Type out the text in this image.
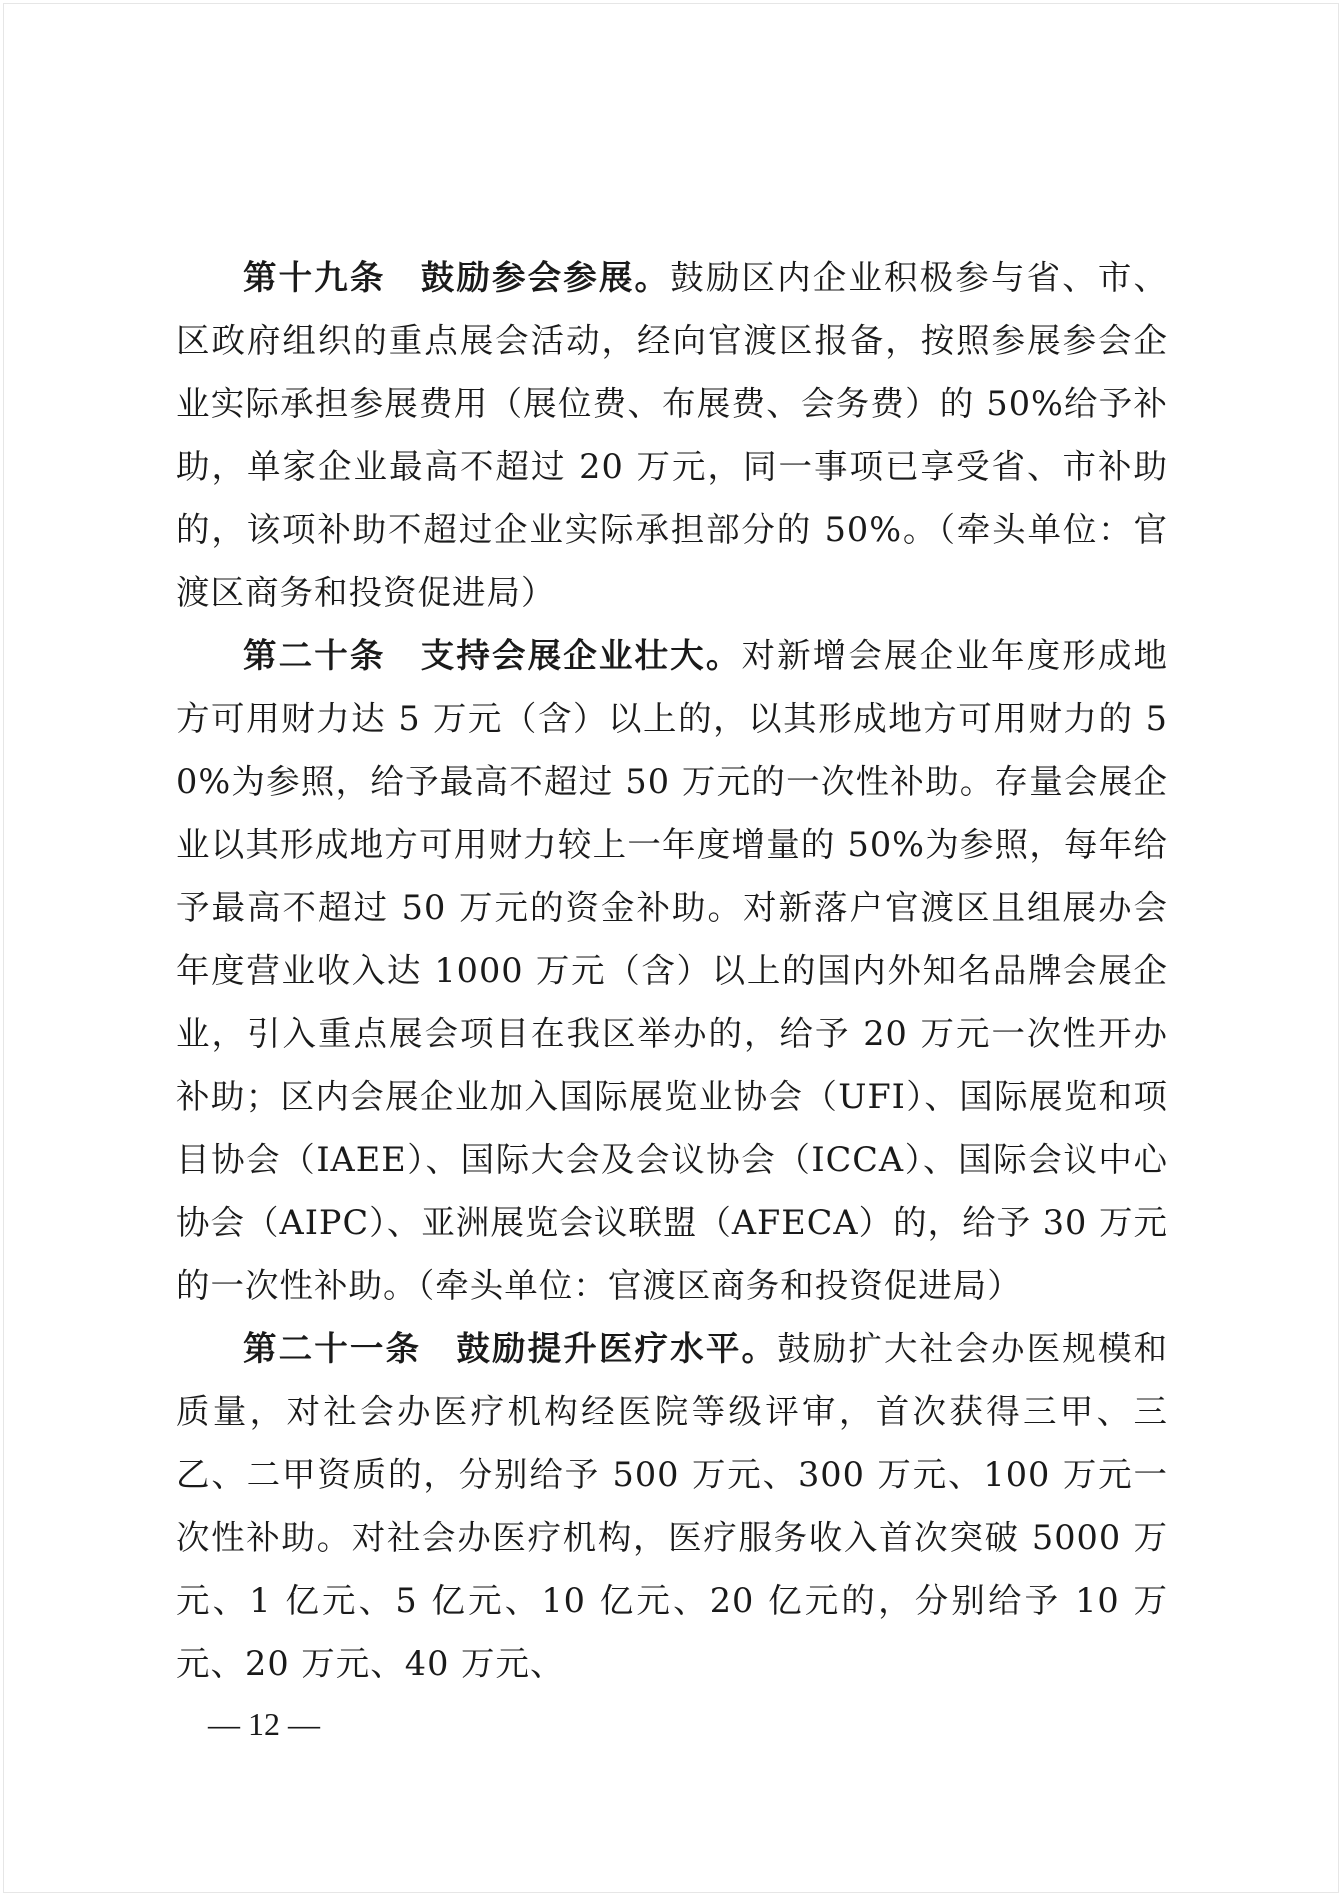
第十九条 鼓励参会参展。鼓励区内企业积极参与省、市、区政府组织的重点展会活动，经向官渡区报备，按照参展参会企业实际承担参展费用（展位费、布展费、会务费）的 50%给予补助，单家企业最高不超过 20 万元，同一事项已享受省、市补助的，该项补助不超过企业实际承担部分的 50%。（牵头单位：官渡区商务和投资促进局）

第二十条 支持会展企业壮大。对新增会展企业年度形成地方可用财力达 5 万元（含）以上的，以其形成地方可用财力的 50%为参照，给予最高不超过 50 万元的一次性补助。存量会展企业以其形成地方可用财力较上一年度增量的 50%为参照，每年给予最高不超过 50 万元的资金补助。对新落户官渡区且组展办会年度营业收入达 1000 万元（含）以上的国内外知名品牌会展企业，引入重点展会项目在我区举办的，给予 20 万元一次性开办补助；区内会展企业加入国际展览业协会（UFI）、国际展览和项目协会（IAEE）、国际大会及会议协会（ICCA）、国际会议中心协会（AIPC）、亚洲展览会议联盟（AFECA）的，给予 30 万元的一次性补助。（牵头单位：官渡区商务和投资促进局）

第二十一条 鼓励提升医疗水平。鼓励扩大社会办医规模和质量，对社会办医疗机构经医院等级评审，首次获得三甲、三乙、二甲资质的，分别给予 500 万元、300 万元、100 万元一次性补助。对社会办医疗机构，医疗服务收入首次突破 5000 万元、1 亿元、5 亿元、10 亿元、20 亿元的，分别给予 10 万元、20 万元、40 万元、

— 12 —
